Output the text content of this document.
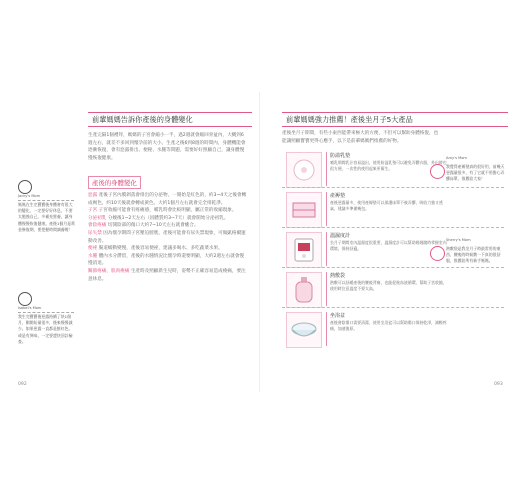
前輩媽媽告訴你產後的身體變化
生產完隔1個禮拜，媽媽的子宮會縮小一半，過2週就會縮回骨盆內，大概到6週左右，就差不多回到懷孕前的大小。生產之後6到8週的時間內，身體機能會逐漸恢復，會有惡露排出、便秘、水腫等問題，需要好好照顧自己，讓身體慢慢恢復健康。
產後的身體變化
惡露 產後子宮內膜剝落會排出的分泌物，一開始是紅色的，約3~4天之後會轉成褐色，約10天後就會轉成黃色，大約1個月左右就會完全排乾淨。
子宮 子宮收縮可能會有疼痛感，哺乳時會比較明顯，屬正常的收縮現象。
分泌初乳 分娩後1~2天左右（因體質約3~7天）就會開始分泌初乳。
會陰疼痛 切開陰部的傷口大約7~10天左右就會癒合。
尿失禁 因為懷孕期間子宮壓迫膀胱，產後可能會有尿失禁現象，可做凱格爾運動改善。
便祕 腸道蠕動變慢，產後容易便祕，建議多喝水、多吃蔬菜水果。
水腫 體內水分滯留，產後的水腫情況比懷孕時還要明顯，大約2週左右就會慢慢消退。
關節疼痛、肌肉痠痛 生產時及照顧新生兒時，姿勢不正確容易造成痠痛，要注意休息。
Jacky's Mom
媽媽在生完寶寶後身體會有很大的變化，一定要好好休息，不要太勉強自己，多補充營養，讓身體慢慢恢復健康。產後1個月是黃金修復期，要把握時間調養喔！
Isabel's Mom
我生完寶寶後惡露持續了快1個月，剛開始量很多，後來慢慢減少。如果惡露一直都是鮮紅色，或是有異味，一定要趕快回診檢查。
092
前輩媽媽強力推薦！產後坐月子5大產品
產後坐月子期間，有些小東西能帶來極大的方便，不但可以幫助身體恢復，也能讓照顧寶寶更得心應手，以下是前輩媽媽們推薦的好物。
防溢乳墊
哺乳期間乳汁容易溢出，使用防溢乳墊可以避免弄髒衣服，外出時也很方便，一次性的使用起來更衛生。
產褥墊
產後惡露量多，使用產褥墊可以保護床單不被弄髒，吸收力強又透氣，建議多準備幾包。
溫濕度計
坐月子期間室內溫濕度很重要，溫濕度計可以幫助媽媽隨時掌握室內環境，保持舒適。
熱敷袋
熱敷可以舒緩產後的腰痠背痛，也能促進血液循環，幫助子宮收縮，使用時注意溫度不要太高。
坐浴盆
產後會陰傷口需要清潔，使用坐浴盆可以幫助傷口保持乾淨，減輕疼痛，加速復原。
Amy's Mom
我覺得產褥墊真的很好用，前幾天惡露量很多，有了它就不用擔心弄髒床單，推薦給大家！
Sherry's Mom
熱敷袋是我坐月子時最常用的東西，腰痠的時候敷一下真的很舒服，推薦給所有新手媽媽。
093
